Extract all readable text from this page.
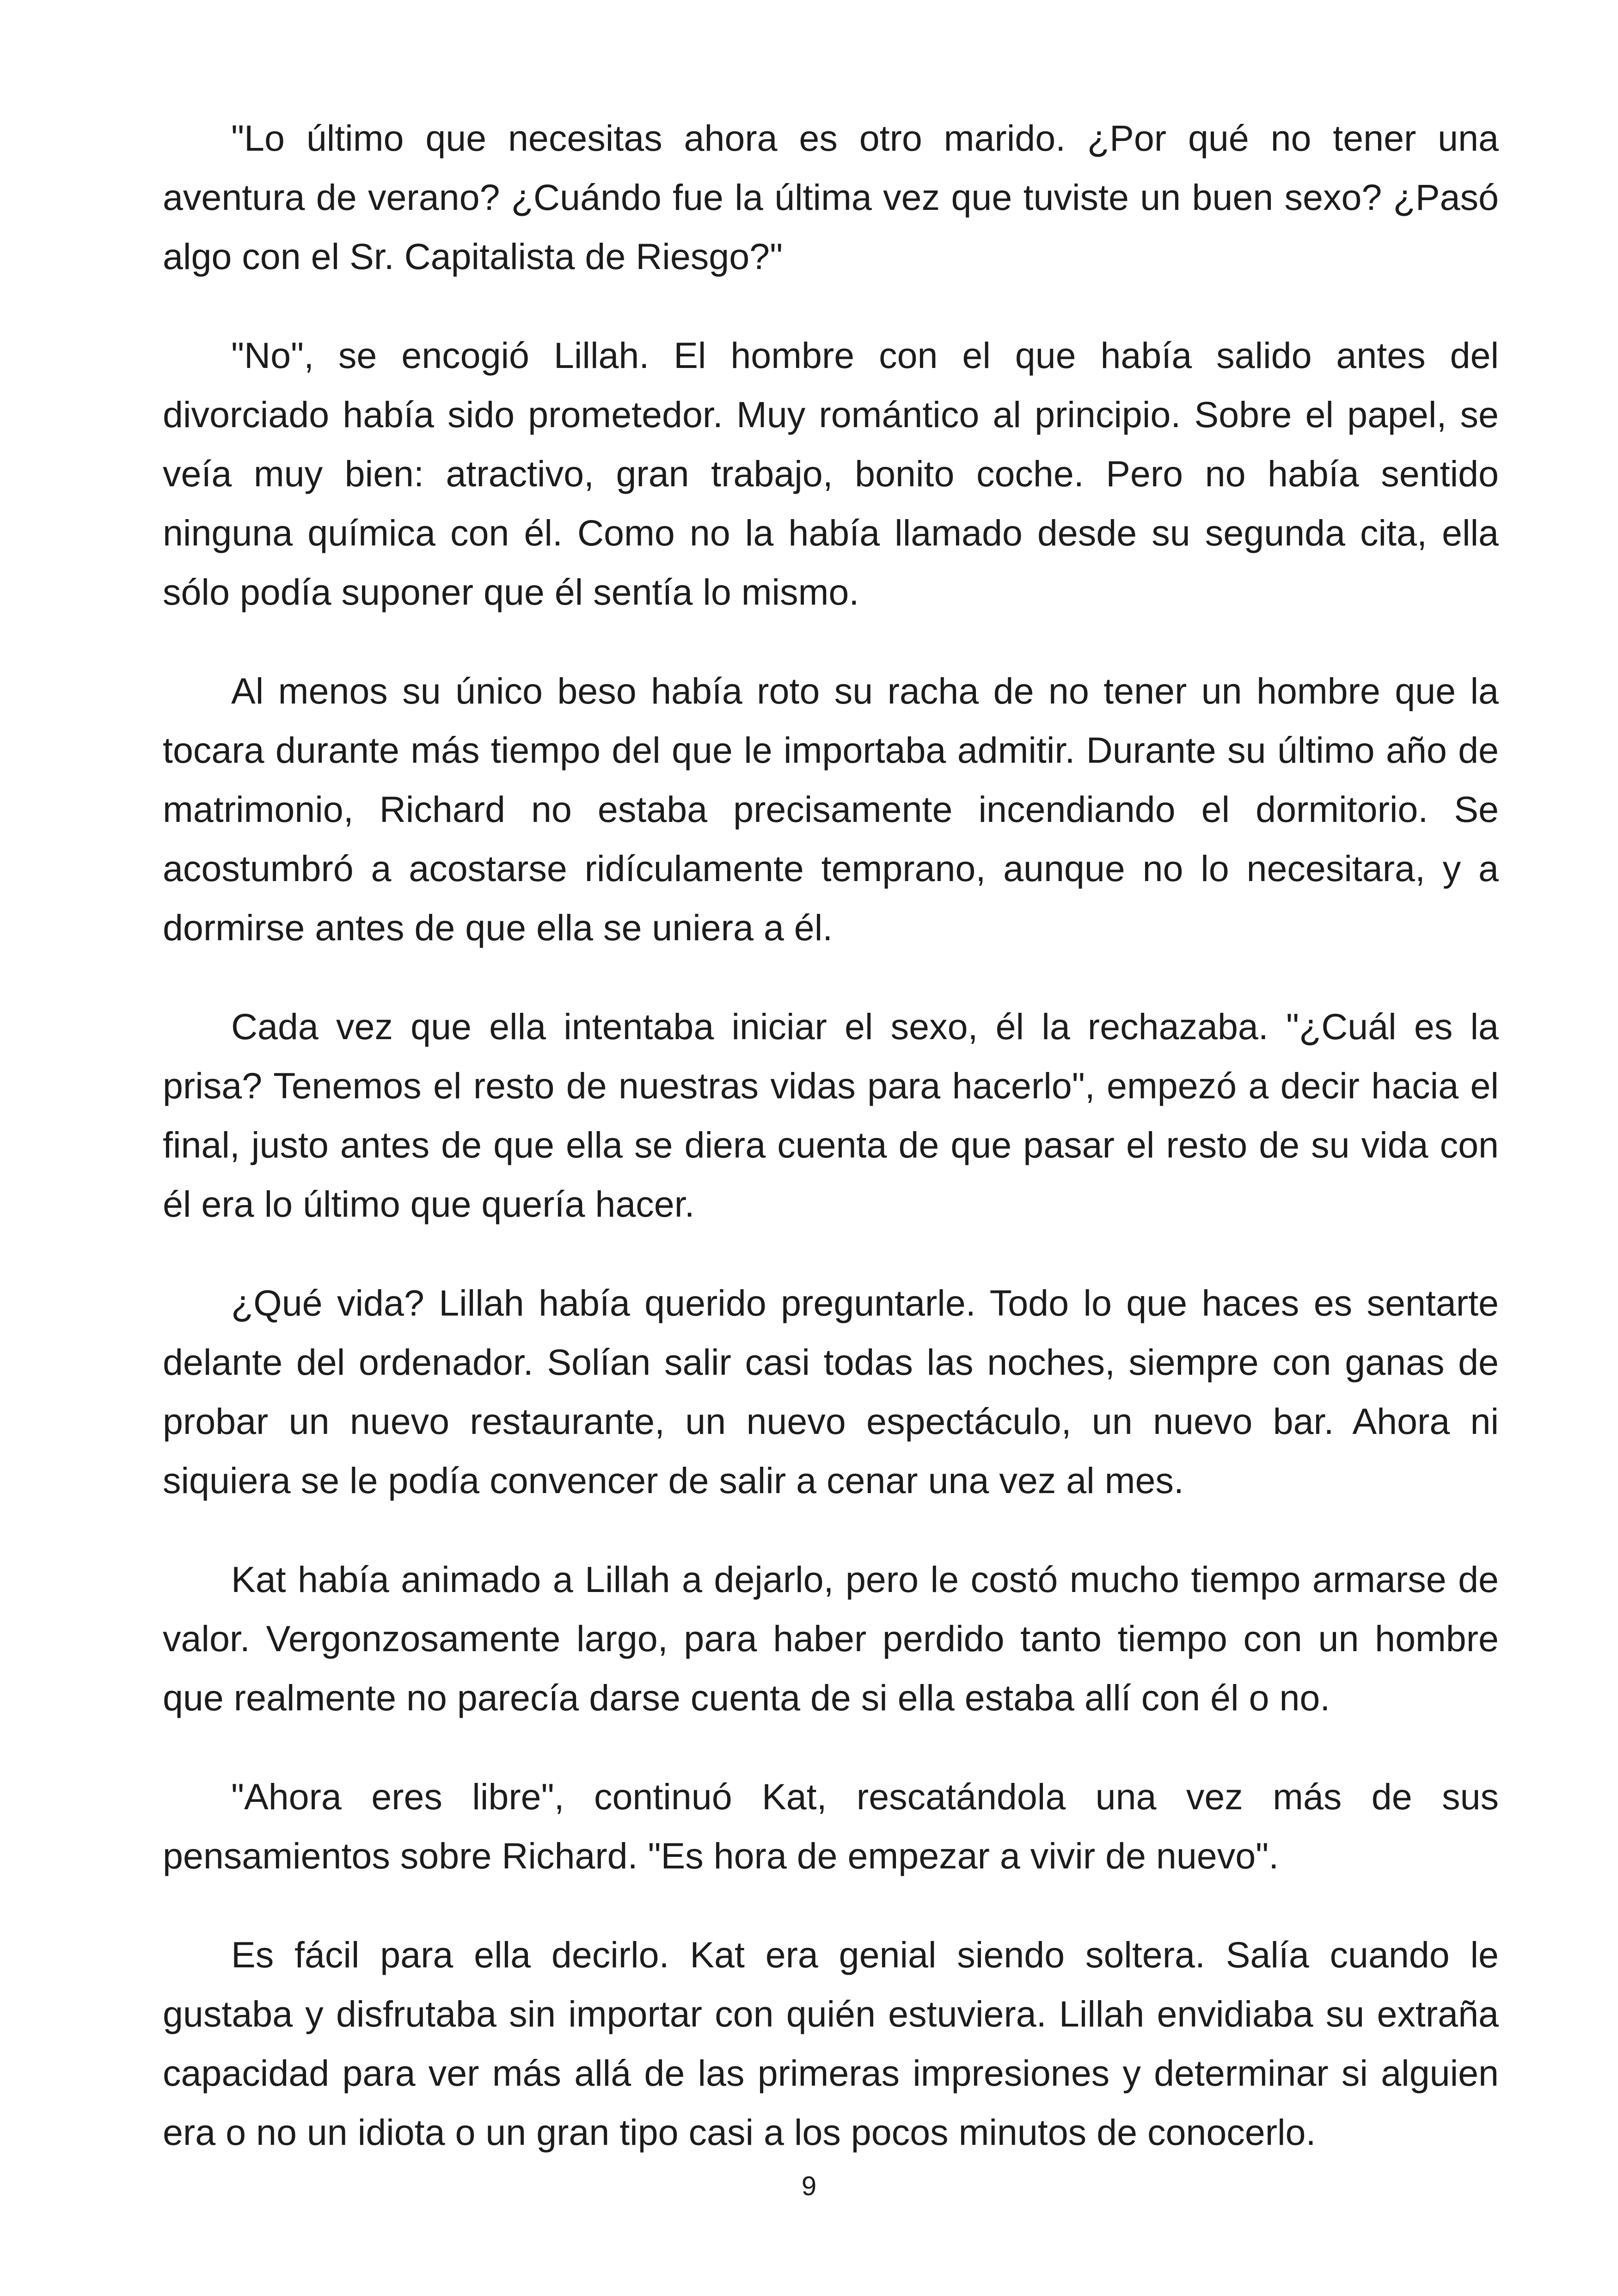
"Lo último que necesitas ahora es otro marido. ¿Por qué no tener una aventura de verano? ¿Cuándo fue la última vez que tuviste un buen sexo? ¿Pasó algo con el Sr. Capitalista de Riesgo?"

"No", se encogió Lillah. El hombre con el que había salido antes del divorciado había sido prometedor. Muy romántico al principio. Sobre el papel, se veía muy bien: atractivo, gran trabajo, bonito coche. Pero no había sentido ninguna química con él. Como no la había llamado desde su segunda cita, ella sólo podía suponer que él sentía lo mismo.

Al menos su único beso había roto su racha de no tener un hombre que la tocara durante más tiempo del que le importaba admitir. Durante su último año de matrimonio, Richard no estaba precisamente incendiando el dormitorio. Se acostumbró a acostarse ridículamente temprano, aunque no lo necesitara, y a dormirse antes de que ella se uniera a él.

Cada vez que ella intentaba iniciar el sexo, él la rechazaba. "¿Cuál es la prisa? Tenemos el resto de nuestras vidas para hacerlo", empezó a decir hacia el final, justo antes de que ella se diera cuenta de que pasar el resto de su vida con él era lo último que quería hacer.

¿Qué vida? Lillah había querido preguntarle. Todo lo que haces es sentarte delante del ordenador. Solían salir casi todas las noches, siempre con ganas de probar un nuevo restaurante, un nuevo espectáculo, un nuevo bar. Ahora ni siquiera se le podía convencer de salir a cenar una vez al mes.

Kat había animado a Lillah a dejarlo, pero le costó mucho tiempo armarse de valor. Vergonzosamente largo, para haber perdido tanto tiempo con un hombre que realmente no parecía darse cuenta de si ella estaba allí con él o no.

"Ahora eres libre", continuó Kat, rescatándola una vez más de sus pensamientos sobre Richard. "Es hora de empezar a vivir de nuevo".

Es fácil para ella decirlo. Kat era genial siendo soltera. Salía cuando le gustaba y disfrutaba sin importar con quién estuviera. Lillah envidiaba su extraña capacidad para ver más allá de las primeras impresiones y determinar si alguien era o no un idiota o un gran tipo casi a los pocos minutos de conocerlo.

9
